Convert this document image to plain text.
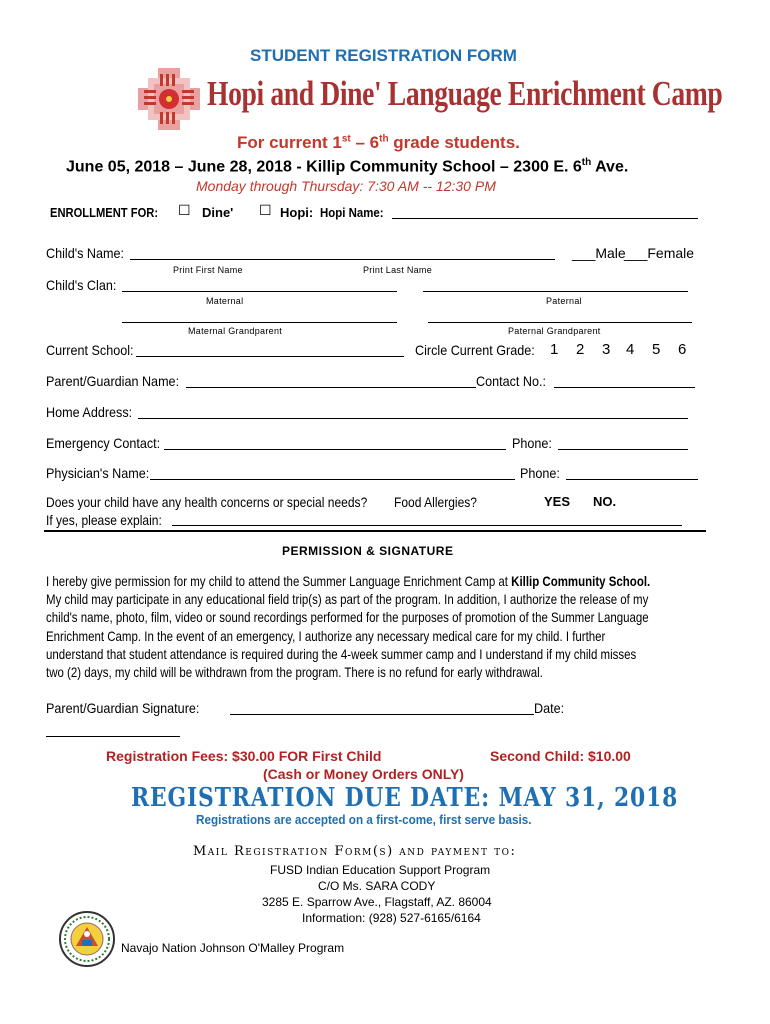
STUDENT REGISTRATION FORM
Hopi and Dine' Language Enrichment Camp
For current 1st – 6th grade students.
June 05, 2018 – June 28, 2018 - Killip Community School – 2300 E. 6th Ave.
Monday through Thursday: 7:30 AM -- 12:30 PM
ENROLLMENT FOR: ☐ Dine' ☐ Hopi: Hopi Name:
Child's Name:	___Male
___Female
Print First Name	Print Last Name
Child's Clan:
Maternal	Paternal
Maternal Grandparent	Paternal Grandparent
Current School:	Circle Current Grade: 1 2 3 4 5 6
Parent/Guardian Name:	Contact No.:
Home Address:
Emergency Contact:	Phone:
Physician's Name:	Phone:
Does your child have any health concerns or special needs? Food Allergies?	YES NO.
If yes, please explain:
PERMISSION & SIGNATURE
I hereby give permission for my child to attend the Summer Language Enrichment Camp at Killip Community School.
My child may participate in any educational field trip(s) as part of the program. In addition, I authorize the release of my
child's name, photo, film, video or sound recordings performed for the purposes of promotion of the Summer Language
Enrichment Camp. In the event of an emergency, I authorize any necessary medical care for my child. I further
understand that student attendance is required during the 4-week summer camp and I understand if my child misses
two (2) days, my child will be withdrawn from the program. There is no refund for early withdrawal.
Parent/Guardian Signature:	Date:
Registration Fees: $30.00 FOR First Child	Second Child: $10.00
(Cash or Money Orders ONLY)
REGISTRATION DUE DATE: MAY 31, 2018
Registrations are accepted on a first-come, first serve basis.
Mail Registration Form(s) and payment to:
FUSD Indian Education Support Program
C/O Ms. SARA CODY
3285 E. Sparrow Ave., Flagstaff, AZ. 86004
Information: (928) 527-6165/6164
Navajo Nation Johnson O'Malley Program
